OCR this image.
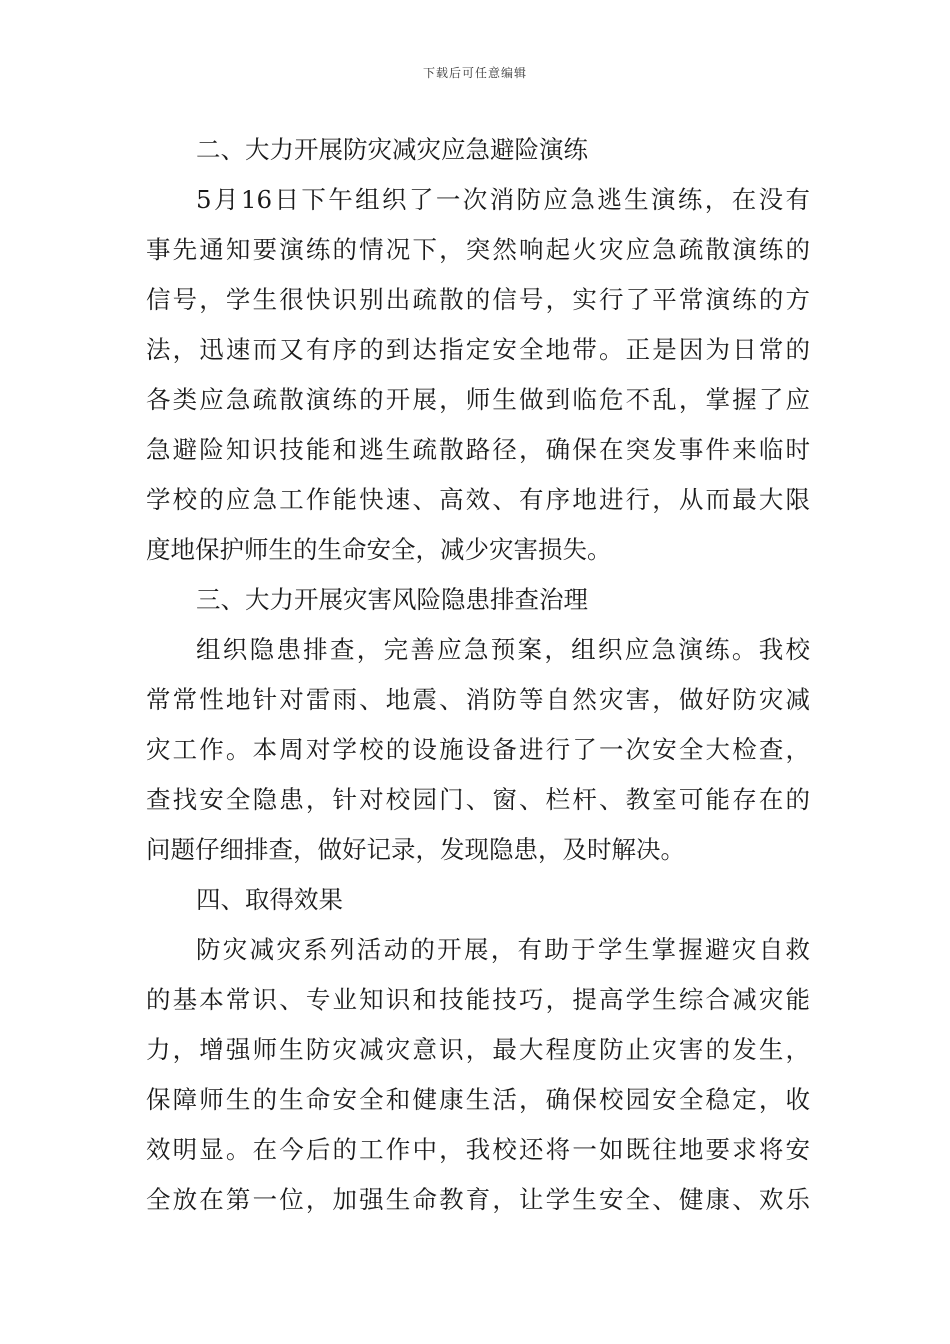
下载后可任意编辑
二、大力开展防灾减灾应急避险演练
5月16日下午组织了一次消防应急逃生演练，在没有
事先通知要演练的情况下，突然响起火灾应急疏散演练的
信号，学生很快识别出疏散的信号，实行了平常演练的方
法，迅速而又有序的到达指定安全地带。正是因为日常的
各类应急疏散演练的开展，师生做到临危不乱，掌握了应
急避险知识技能和逃生疏散路径，确保在突发事件来临时
学校的应急工作能快速、高效、有序地进行，从而最大限
度地保护师生的生命安全，减少灾害损失。
三、大力开展灾害风险隐患排查治理
组织隐患排查，完善应急预案，组织应急演练。我校
常常性地针对雷雨、地震、消防等自然灾害，做好防灾减
灾工作。本周对学校的设施设备进行了一次安全大检查，
查找安全隐患，针对校园门、窗、栏杆、教室可能存在的
问题仔细排查，做好记录，发现隐患，及时解决。
四、取得效果
防灾减灾系列活动的开展，有助于学生掌握避灾自救
的基本常识、专业知识和技能技巧，提高学生综合减灾能
力，增强师生防灾减灾意识，最大程度防止灾害的发生，
保障师生的生命安全和健康生活，确保校园安全稳定，收
效明显。在今后的工作中，我校还将一如既往地要求将安
全放在第一位，加强生命教育，让学生安全、健康、欢乐
